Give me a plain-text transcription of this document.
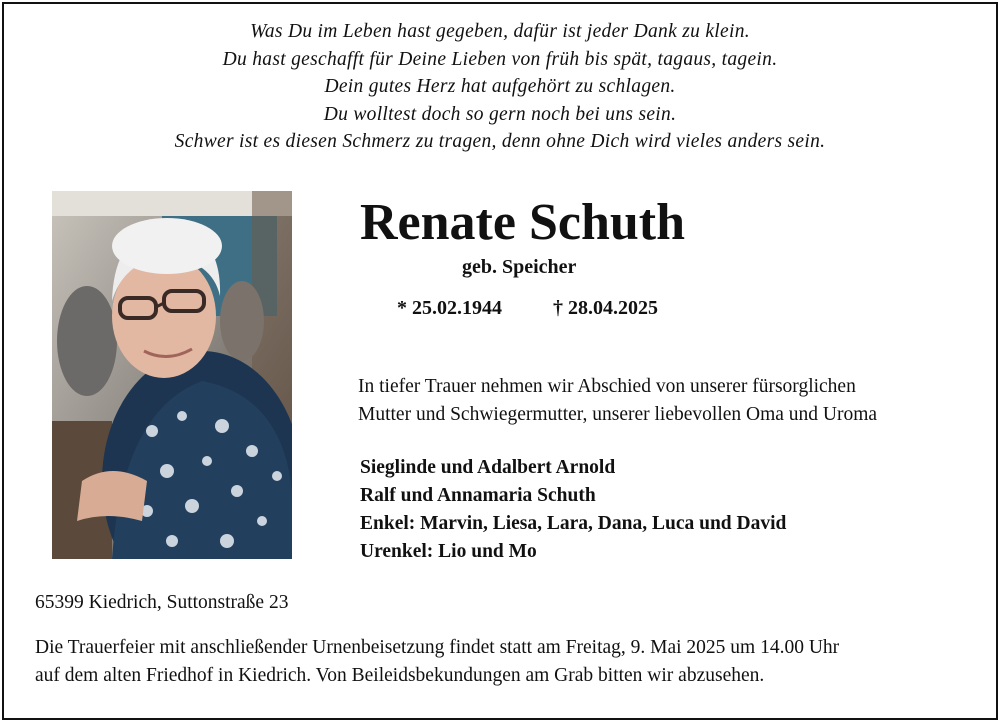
Was Du im Leben hast gegeben, dafür ist jeder Dank zu klein.
Du hast geschafft für Deine Lieben von früh bis spät, tagaus, tagein.
Dein gutes Herz hat aufgehört zu schlagen.
Du wolltest doch so gern noch bei uns sein.
Schwer ist es diesen Schmerz zu tragen, denn ohne Dich wird vieles anders sein.
Renate Schuth
geb. Speicher
* 25.02.1944	† 28.04.2025
In tiefer Trauer nehmen wir Abschied von unserer fürsorglichen
Mutter und Schwiegermutter, unserer liebevollen Oma und Uroma
Sieglinde und Adalbert Arnold
Ralf und Annamaria Schuth
Enkel: Marvin, Liesa, Lara, Dana, Luca und David
Urenkel: Lio und Mo
65399 Kiedrich, Suttonstraße 23
Die Trauerfeier mit anschließender Urnenbeisetzung findet statt am Freitag, 9. Mai 2025 um 14.00 Uhr
auf dem alten Friedhof in Kiedrich. Von Beileidsbekundungen am Grab bitten wir abzusehen.
